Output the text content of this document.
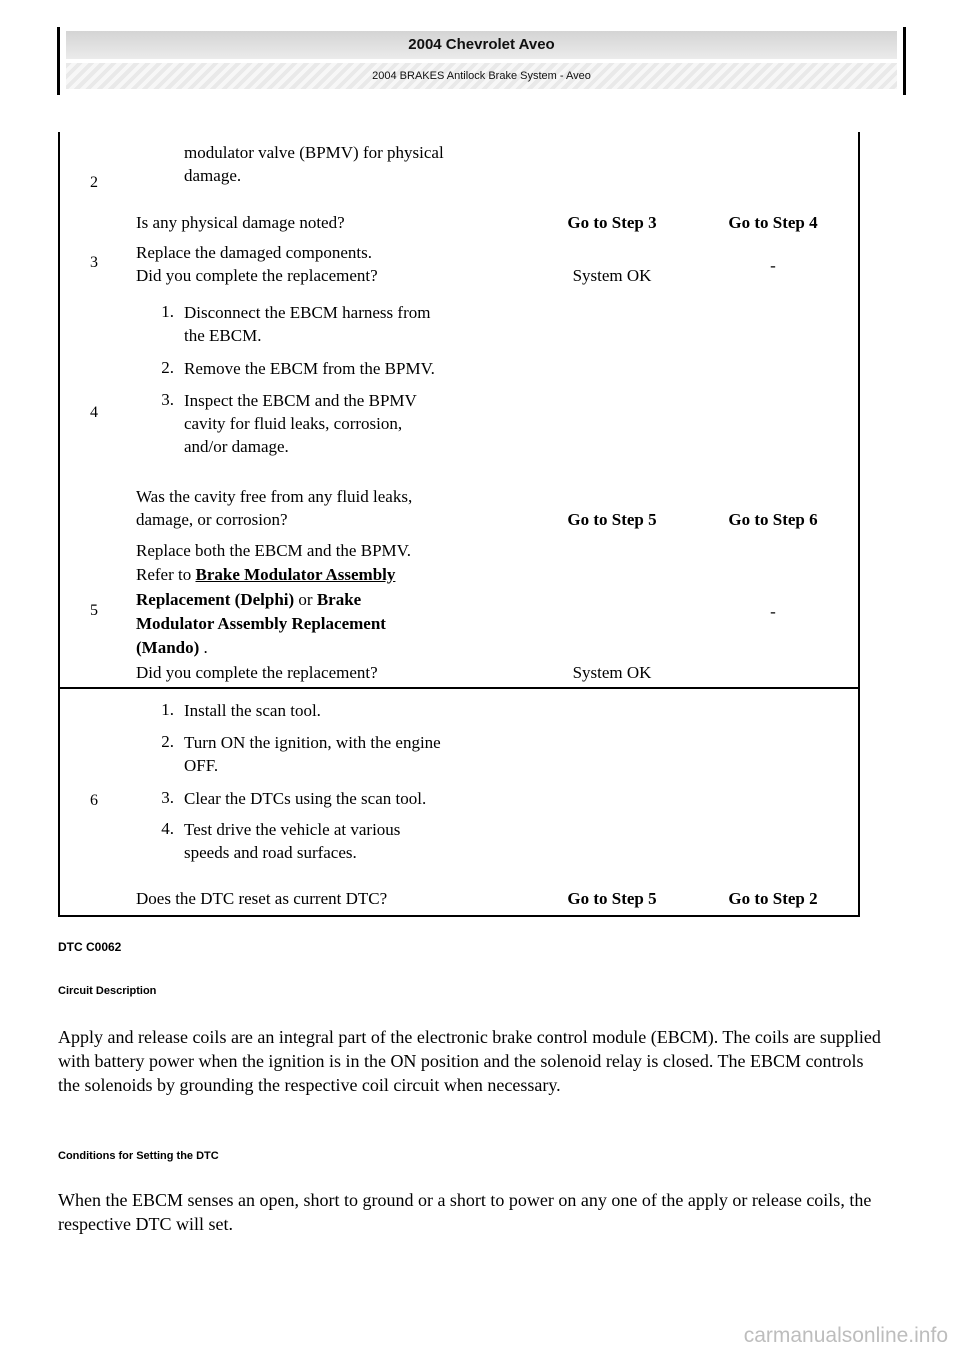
2004 Chevrolet Aveo
2004 BRAKES Antilock Brake System - Aveo
2
modulator valve (BPMV) for physical
damage.
Is any physical damage noted?	Go to Step 3	Go to Step 4
3
Replace the damaged components.
Did you complete the replacement?	System OK
-
4
1. Disconnect the EBCM harness from
the EBCM.
2. Remove the EBCM from the BPMV.
3. Inspect the EBCM and the BPMV
cavity for fluid leaks, corrosion,
and/or damage.
Was the cavity free from any fluid leaks,
damage, or corrosion?	Go to Step 5	Go to Step 6
5
Replace both the EBCM and the BPMV.
Refer to Brake Modulator Assembly
Replacement (Delphi) or Brake
Modulator Assembly Replacement
(Mando) .
Did you complete the replacement?	System OK
-
6
1. Install the scan tool.
2. Turn ON the ignition, with the engine
OFF.
3. Clear the DTCs using the scan tool.
4. Test drive the vehicle at various
speeds and road surfaces.
Does the DTC reset as current DTC?	Go to Step 5	Go to Step 2
DTC C0062
Circuit Description
Apply and release coils are an integral part of the electronic brake control module (EBCM). The coils are supplied with battery power when the ignition is in the ON position and the solenoid relay is closed. The EBCM controls the solenoids by grounding the respective coil circuit when necessary.
Conditions for Setting the DTC
When the EBCM senses an open, short to ground or a short to power on any one of the apply or release coils, the respective DTC will set.
carmanualsonline.info
